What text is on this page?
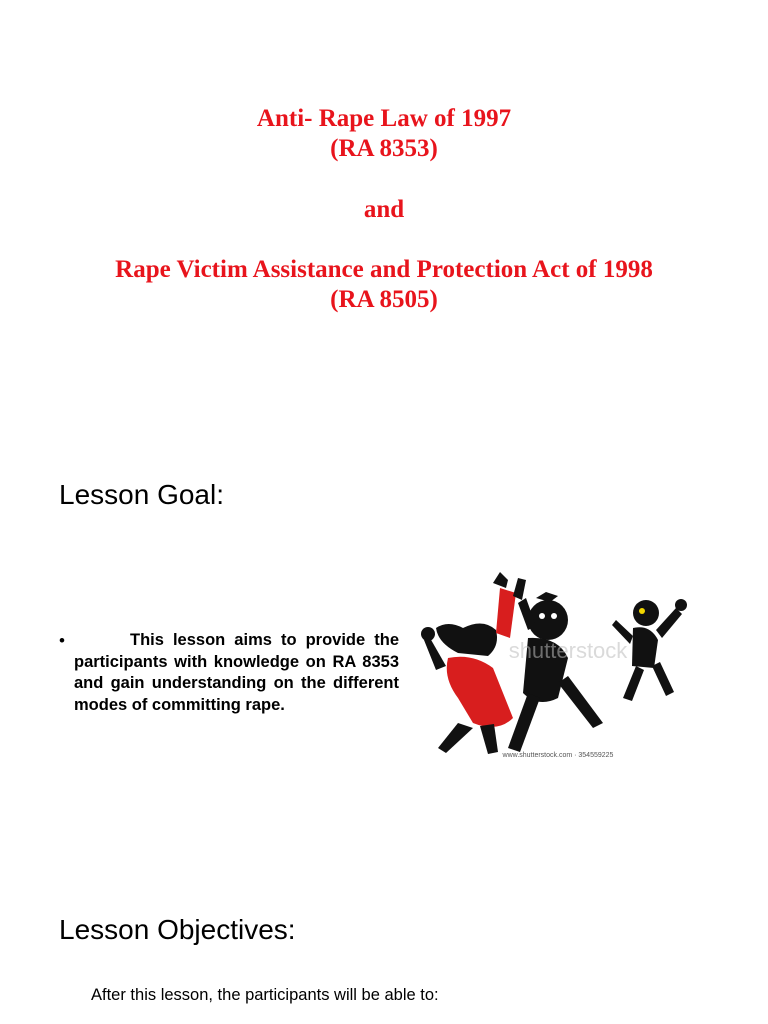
Anti- Rape Law of 1997
(RA 8353)
and
Rape Victim Assistance and Protection Act of 1998
(RA 8505)
Lesson Goal:
•	This lesson aims to provide the participants with knowledge on RA 8353 and gain understanding on the different modes of committing rape.
shutterstock
www.shutterstock.com · 354559225
Lesson Objectives:
After this lesson, the participants will be able to:
